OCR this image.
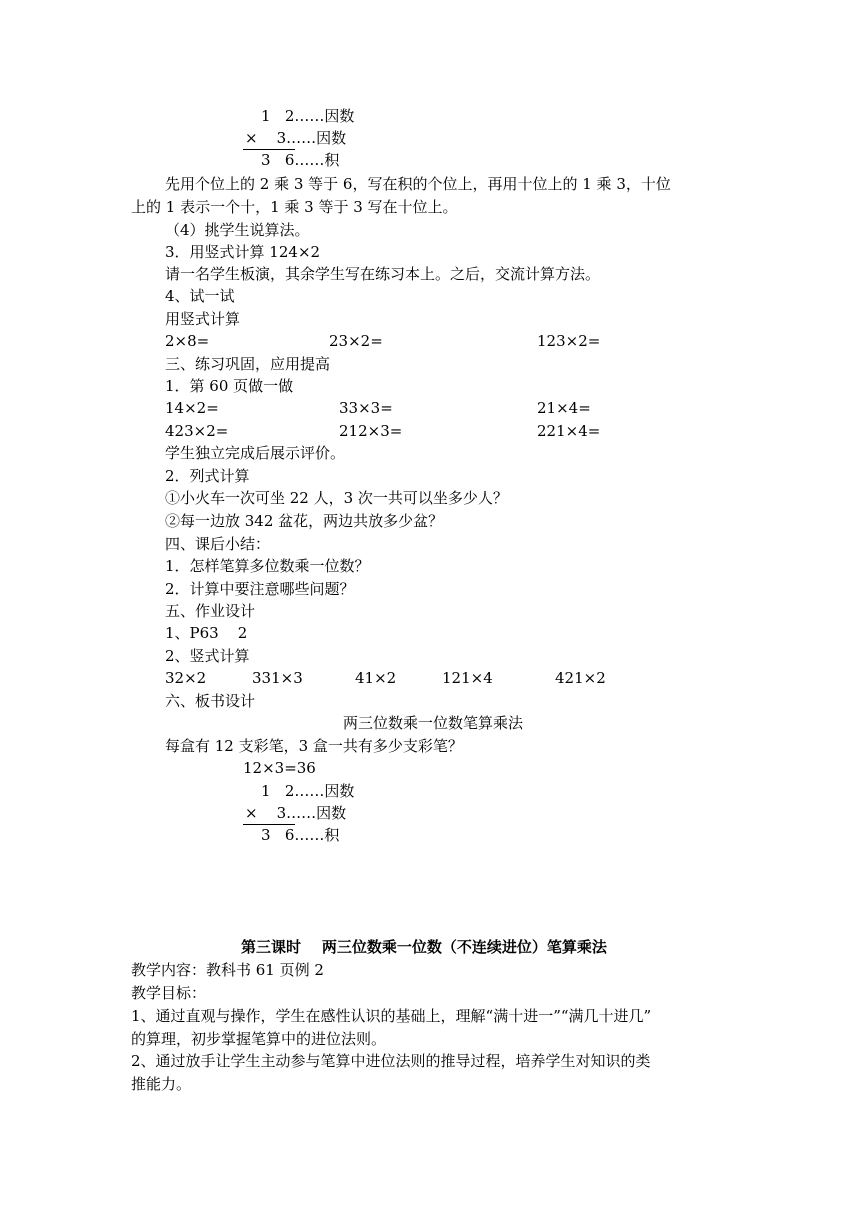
1   2……因数
×    3……因数
3   6……积
先用个位上的 2 乘 3 等于 6，写在积的个位上，再用十位上的 1 乘 3，十位
上的 1 表示一个十，1 乘 3 等于 3 写在十位上。
（4）挑学生说算法。
3．用竖式计算 124×2
请一名学生板演，其余学生写在练习本上。之后，交流计算方法。
4、试一试
用竖式计算
2×8=	23×2=	123×2=
三、练习巩固，应用提高
1．第 60 页做一做
14×2=	33×3=	21×4=
423×2=	212×3=	221×4=
学生独立完成后展示评价。
2．列式计算
①小火车一次可坐 22 人，3 次一共可以坐多少人？
②每一边放 342 盆花，两边共放多少盆？
四、课后小结：
1．怎样笔算多位数乘一位数？
2．计算中要注意哪些问题？
五、作业设计
1、P63    2
2、竖式计算
32×2	331×3	41×2	121×4	421×2
六、板书设计
两三位数乘一位数笔算乘法
每盒有 12 支彩笔，3 盒一共有多少支彩笔？
12×3=36
1   2……因数
×    3……因数
3   6……积
第三课时    两三位数乘一位数（不连续进位）笔算乘法
教学内容：教科书 61 页例 2
教学目标：
1、通过直观与操作，学生在感性认识的基础上，理解“满十进一”“满几十进几”
的算理，初步掌握笔算中的进位法则。
2、通过放手让学生主动参与笔算中进位法则的推导过程，培养学生对知识的类
推能力。
